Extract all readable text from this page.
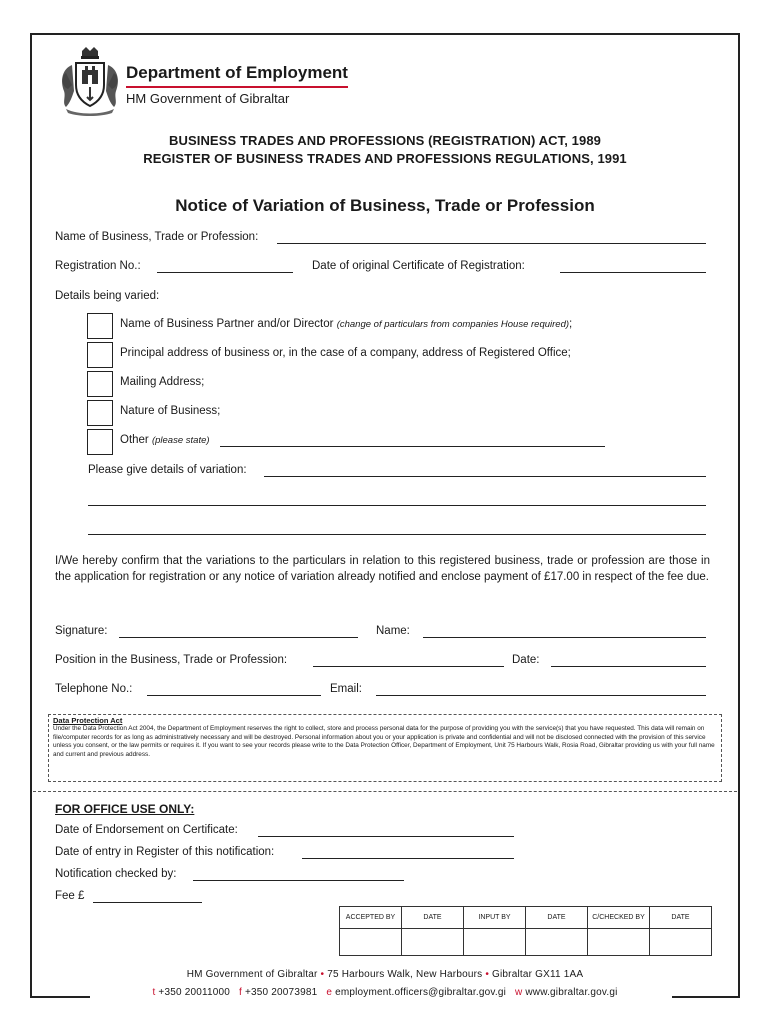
Department of Employment
HM Government of Gibraltar
BUSINESS TRADES AND PROFESSIONS (REGISTRATION) ACT, 1989
REGISTER OF BUSINESS TRADES AND PROFESSIONS REGULATIONS, 1991
Notice of Variation of Business, Trade or Profession
Name of Business, Trade or Profession:
Registration No.:	Date of original Certificate of Registration:
Details being varied:
Name of Business Partner and/or Director (change of particulars from companies House required);
Principal address of business or, in the case of a company, address of Registered Office;
Mailing Address;
Nature of Business;
Other (please state)
Please give details of variation:
I/We hereby confirm that the variations to the particulars in relation to this registered business, trade or profession are those in the application for registration or any notice of variation already notified and enclose payment of £17.00 in respect of the fee due.
Signature:	Name:
Position in the Business, Trade or Profession:	Date:
Telephone No.:	Email:
Data Protection Act
Under the Data Protection Act 2004, the Department of Employment reserves the right to collect, store and process personal data for the purpose of providing you with the service(s) that you have requested. This data will remain on file/computer records for as long as administratively necessary and will be destroyed. Personal information about you or your application is private and confidential and will not be disclosed connected with the provision of this service unless you consent, or the law permits or requires it. If you want to see your records please write to the Data Protection Officer, Department of Employment, Unit 75 Harbours Walk, Rosia Road, Gibraltar providing us with your full name and current and previous address.
FOR OFFICE USE ONLY:
Date of Endorsement on Certificate:
Date of entry in Register of this notification:
Notification checked by:
Fee £
ACCEPTED BY	DATE	INPUT BY	DATE	C/CHECKED BY	DATE

HM Government of Gibraltar • 75 Harbours Walk, New Harbours • Gibraltar GX11 1AA
t +350 20011000 f +350 20073981 e employment.officers@gibraltar.gov.gi w www.gibraltar.gov.gi
